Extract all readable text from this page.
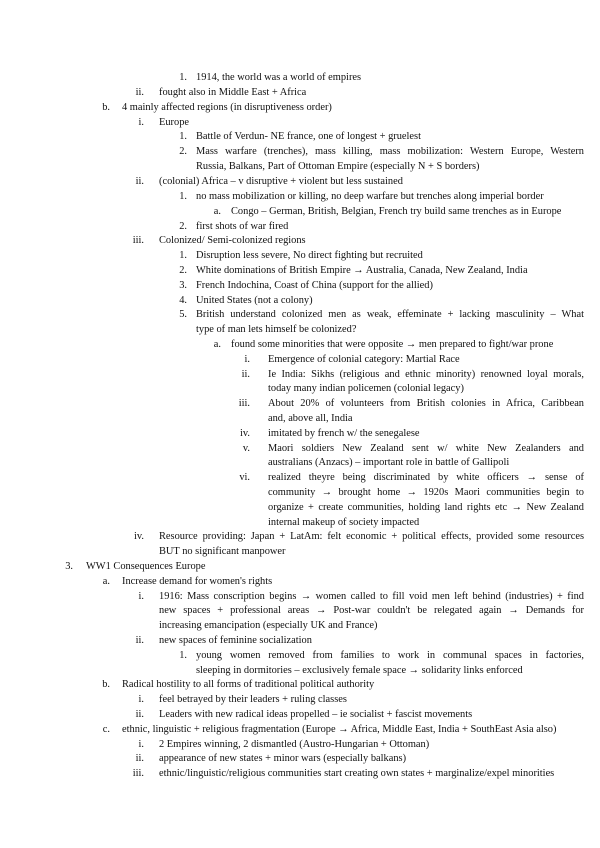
1. 1914, the world was a world of empires
ii. fought also in Middle East + Africa
b. 4 mainly affected regions (in disruptiveness order)
i. Europe
1. Battle of Verdun- NE france, one of longest + gruelest
2. Mass warfare (trenches), mass killing, mass mobilization: Western Europe, Western
Russia, Balkans, Part of Ottoman Empire (especially N + S borders)
ii. (colonial) Africa – v disruptive + violent but less sustained
1. no mass mobilization or killing, no deep warfare but trenches along imperial border
a. Congo – German, British, Belgian, French try build same trenches as in Europe
2. first shots of war fired
iii. Colonized/ Semi-colonized regions
1. Disruption less severe, No direct fighting but recruited
2. White dominations of British Empire → Australia, Canada, New Zealand, India
3. French Indochina, Coast of China (support for the allied)
4. United States (not a colony)
5. British understand colonized men as weak, effeminate + lacking masculinity – What
type of man lets himself be colonized?
a. found some minorities that were opposite → men prepared to fight/war prone
i. Emergence of colonial category: Martial Race
ii. Ie India: Sikhs (religious and ethnic minority) renowned loyal morals,
today many indian policemen (colonial legacy)
iii. About 20% of volunteers from British colonies in Africa, Caribbean
and, above all, India
iv. imitated by french w/ the senegalese
v. Maori soldiers New Zealand sent w/ white New Zealanders and
australians (Anzacs) – important role in battle of Gallipoli
vi. realized theyre being discriminated by white officers → sense of
community → brought home → 1920s Maori communities begin to
organize + create communities, holding land rights etc → New Zealand
internal makeup of society impacted
iv. Resource providing: Japan + LatAm: felt economic + political effects, provided some resources
BUT no significant manpower
3. WW1 Consequences Europe
a. Increase demand for women's rights
i. 1916: Mass conscription begins → women called to fill void men left behind (industries) + find
new spaces + professional areas → Post-war couldn't be relegated again → Demands for
increasing emancipation (especially UK and France)
ii. new spaces of feminine socialization
1. young women removed from families to work in communal spaces in factories,
sleeping in dormitories – exclusively female space → solidarity links enforced
b. Radical hostility to all forms of traditional political authority
i. feel betrayed by their leaders + ruling classes
ii. Leaders with new radical ideas propelled – ie socialist + fascist movements
c. ethnic, linguistic + religious fragmentation (Europe → Africa, Middle East, India + SouthEast Asia also)
i. 2 Empires winning, 2 dismantled (Austro-Hungarian + Ottoman)
ii. appearance of new states + minor wars (especially balkans)
iii. ethnic/linguistic/religious communities start creating own states + marginalize/expel minorities
